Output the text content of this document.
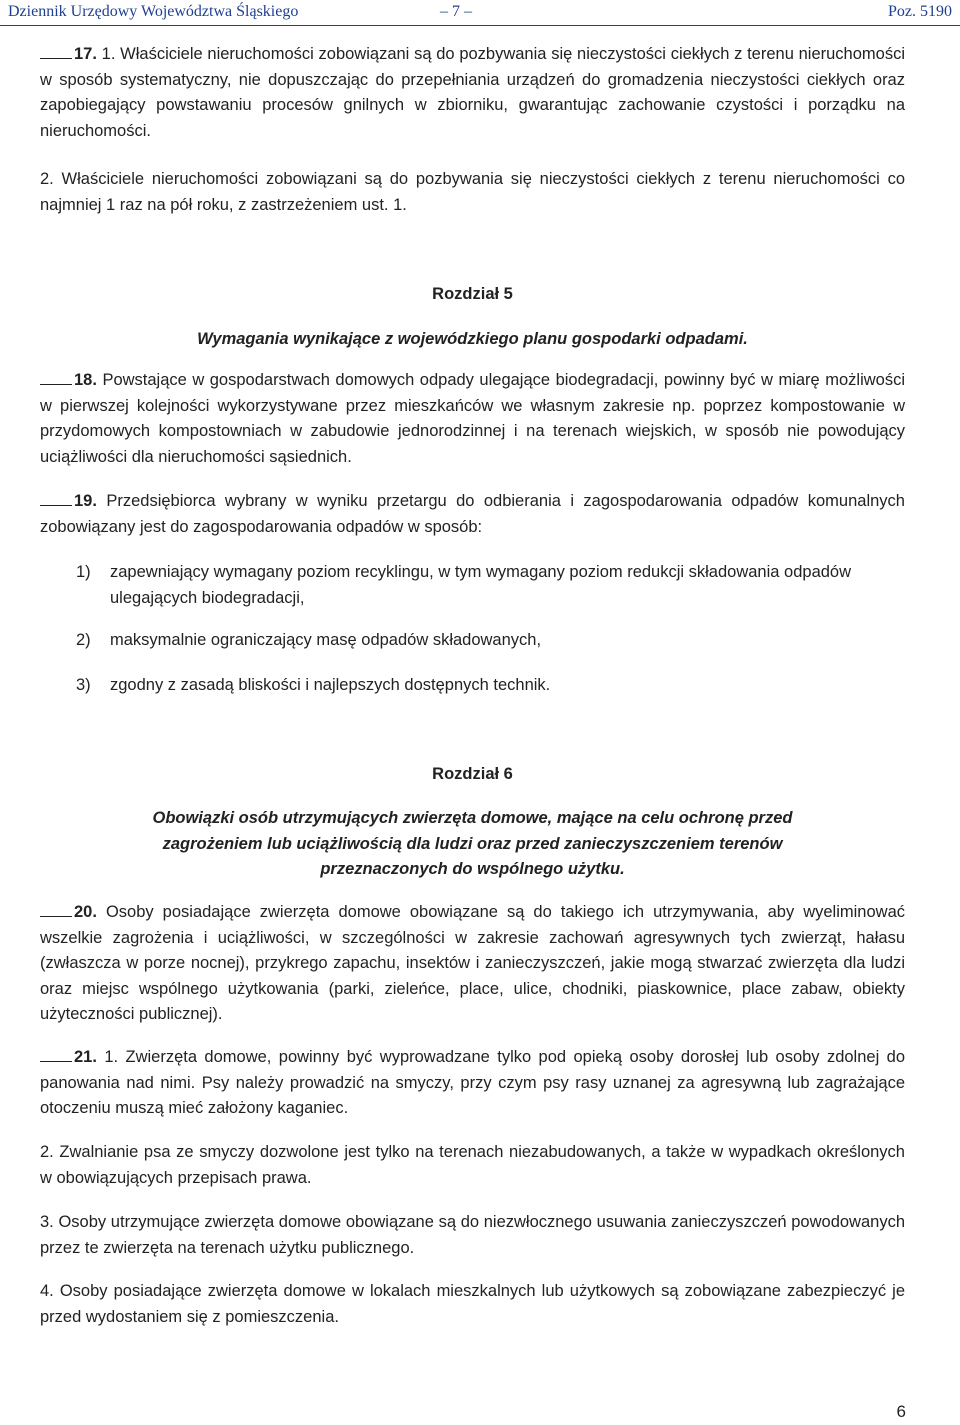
Dziennik Urzędowy Województwa Śląskiego	– 7 –	Poz. 5190

17. 1. Właściciele nieruchomości zobowiązani są do pozbywania się nieczystości ciekłych z terenu nieruchomości w sposób systematyczny, nie dopuszczając do przepełniania urządzeń do gromadzenia nieczystości ciekłych oraz zapobiegający powstawaniu procesów gnilnych w zbiorniku, gwarantując zachowanie czystości i porządku na nieruchomości.

2. Właściciele nieruchomości zobowiązani są do pozbywania się nieczystości ciekłych z terenu nieruchomości co najmniej 1 raz na pół roku, z zastrzeżeniem ust. 1.

Rozdział 5
Wymagania wynikające z wojewódzkiego planu gospodarki odpadami.

18. Powstające w gospodarstwach domowych odpady ulegające biodegradacji, powinny być w miarę możliwości w pierwszej kolejności wykorzystywane przez mieszkańców we własnym zakresie np. poprzez kompostowanie w przydomowych kompostowniach w zabudowie jednorodzinnej i na terenach wiejskich, w sposób nie powodujący uciążliwości dla nieruchomości sąsiednich.

19. Przedsiębiorca wybrany w wyniku przetargu do odbierania i zagospodarowania odpadów komunalnych zobowiązany jest do zagospodarowania odpadów w sposób:

1) zapewniający wymagany poziom recyklingu, w tym wymagany poziom redukcji składowania odpadów ulegających biodegradacji,
2) maksymalnie ograniczający masę odpadów składowanych,
3) zgodny z zasadą bliskości i najlepszych dostępnych technik.
Rozdział 6
Obowiązki osób utrzymujących zwierzęta domowe, mające na celu ochronę przed
zagrożeniem lub uciążliwością dla ludzi oraz przed zanieczyszczeniem terenów
przeznaczonych do wspólnego użytku.

20. Osoby posiadające zwierzęta domowe obowiązane są do takiego ich utrzymywania, aby wyeliminować wszelkie zagrożenia i uciążliwości, w szczególności w zakresie zachowań agresywnych tych zwierząt, hałasu (zwłaszcza w porze nocnej), przykrego zapachu, insektów i zanieczyszczeń, jakie mogą stwarzać zwierzęta dla ludzi oraz miejsc wspólnego użytkowania (parki, zieleńce, place, ulice, chodniki, piaskownice, place zabaw, obiekty użyteczności publicznej).

21. 1. Zwierzęta domowe, powinny być wyprowadzane tylko pod opieką osoby dorosłej lub osoby zdolnej do panowania nad nimi. Psy należy prowadzić na smyczy, przy czym psy rasy uznanej za agresywną lub zagrażające otoczeniu muszą mieć założony kaganiec.

2. Zwalnianie psa ze smyczy dozwolone jest tylko na terenach niezabudowanych, a także w wypadkach określonych w obowiązujących przepisach prawa.

3. Osoby utrzymujące zwierzęta domowe obowiązane są do niezwłocznego usuwania zanieczyszczeń powodowanych przez te zwierzęta na terenach użytku publicznego.

4. Osoby posiadające zwierzęta domowe w lokalach mieszkalnych lub użytkowych są zobowiązane zabezpieczyć je przed wydostaniem się z pomieszczenia.

6
